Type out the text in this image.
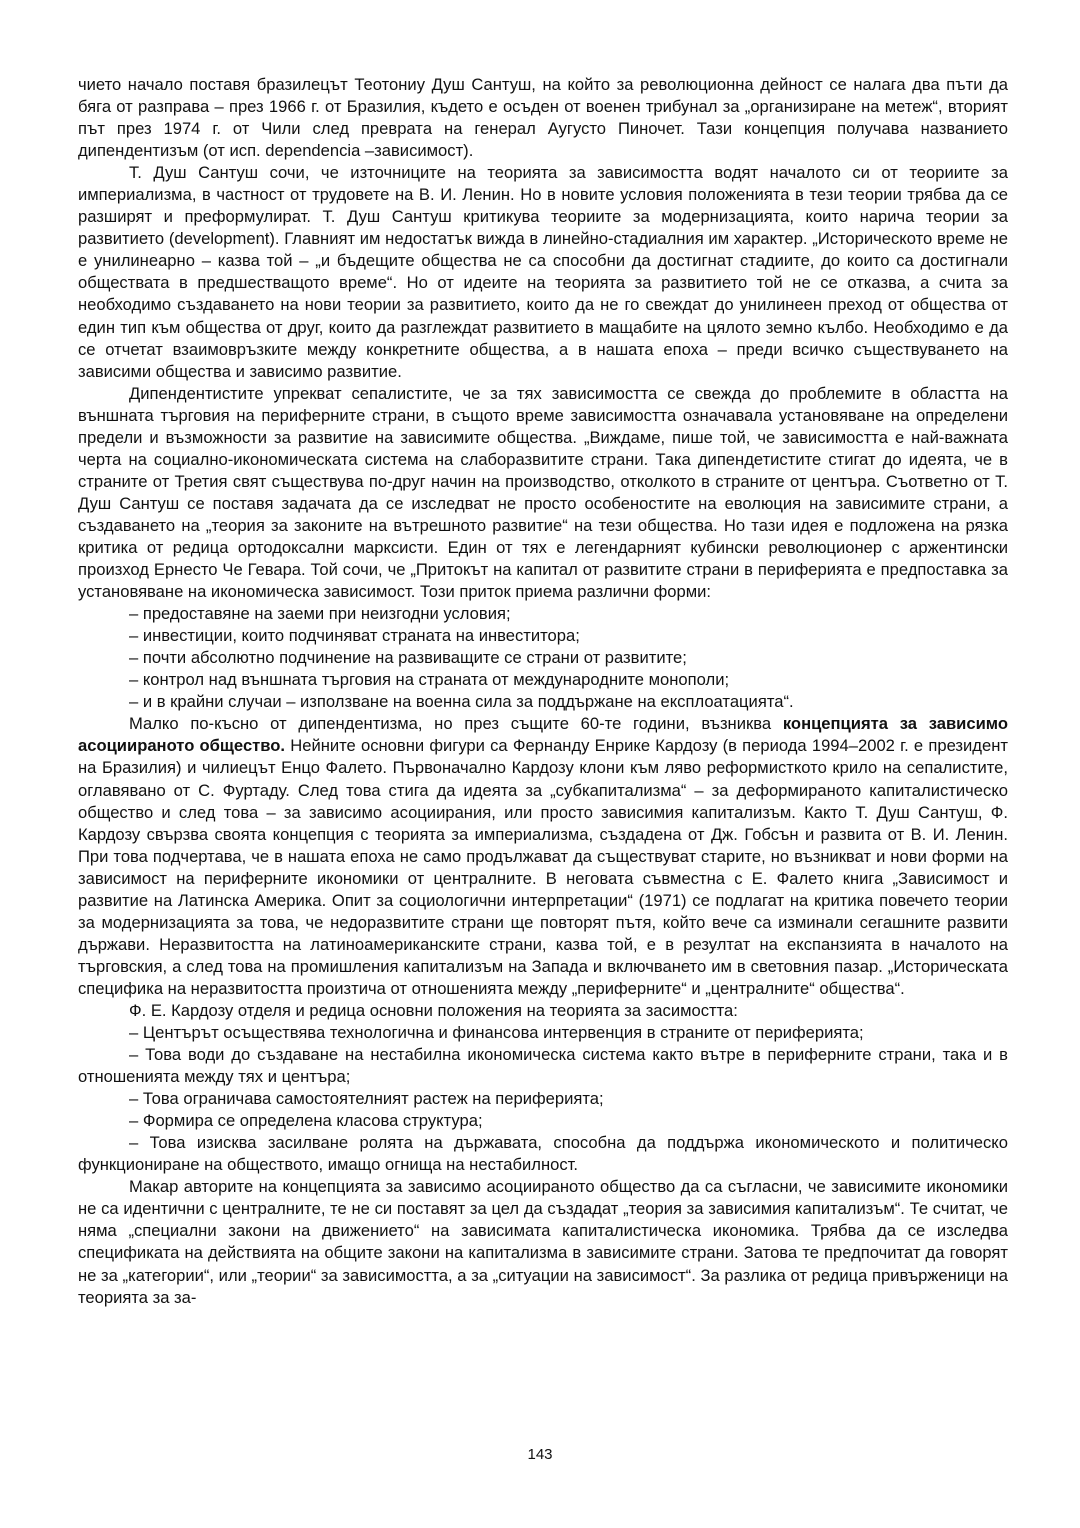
чието начало поставя бразилецът Теотониу Душ Сантуш, на който за революционна дейност се налага два пъти да бяга от разправа – през 1966 г. от Бразилия, където е осъден от военен трибунал за „организиране на метеж“, вторият път през 1974 г. от Чили след превратa на генерал Аугусто Пиночет. Тази концепция получава названието дипендентизъм (от исп. dependencia –зависимост).

Т. Душ Сантуш сочи, че източниците на теорията за зависимостта водят началото си от теориите за империализма, в частност от трудовете на В. И. Ленин. Но в новите условия положенията в тези теории трябва да се разширят и преформулират. Т. Душ Сантуш критикува теориите за модернизацията, които нарича теории за развитието (development). Главният им недостатък вижда в линейно-стадиалния им характер. „Историческото време не е унилинеарно – казва той – „и бъдещите общества не са способни да достигнат стадиите, до които са достигнали обществата в предшестващото време“. Но от идеите на теорията за развитието той не се отказва, а счита за необходимо създаването на нови теории за развитието, които да не го свеждат до унилинеен преход от общества от един тип към общества от друг, които да разглеждат развитието в мащабите на цялото земно кълбо. Необходимо е да се отчетат взаимовръзките между конкретните общества, а в нашата епоха – преди всичко съществуването на зависими общества и зависимо развитие.

Дипендентистите упрекват сепалистите, че за тях зависимостта се свежда до проблемите в областта на външната търговия на периферните страни, в същото време зависимостта означавала установяване на определени предели и възможности за развитие на зависимите общества. „Виждаме, пише той, че зависимостта е най-важната черта на социално-икономическата система на слаборазвитите страни. Така дипендетистите стигат до идеята, че в страните от Третия свят съществува по-друг начин на производство, отколкото в страните от центъра. Съответно от Т. Душ Сантуш се поставя задачата да се изследват не просто особеностите на еволюция на зависимите страни, а създаването на „теория за законите на вътрешното развитие“ на тези общества. Но тази идея е подложена на рязка критика от редица ортодоксални марксисти. Един от тях е легендарният кубински революционер с аржентински произход Ернесто Че Гевара. Той сочи, че „Притокът на капитал от развитите страни в периферията е предпоставка за установяване на икономическа зависимост. Този приток приема различни форми:

– предоставяне на заеми при неизгодни условия;

– инвестиции, които подчиняват страната на инвеститора;

– почти абсолютно подчинение на развиващите се страни от развитите;

– контрол над външната търговия на страната от международните монополи;

– и в крайни случаи – използване на военна сила за поддържане на експлоатацията“.

Малко по-късно от дипендентизма, но през същите 60-те години, възниква концепцията за зависимо асоциираното общество. Нейните основни фигури са Фернанду Енрике Кардозу (в периода 1994–2002 г. е президент на Бразилия) и чилиецът Енцо Фалето. Първоначално Кардозу клони към ляво реформисткото крило на сепалистите, оглавявано от С. Фуртаду. След това стига да идеята за „субкапитализма“ – за деформираното капиталистическо общество и след това – за зависимо асоциирания, или просто зависимия капитализъм. Както Т. Душ Сантуш, Ф. Кардозу свързва своята концепция с теорията за империализма, създадена от Дж. Гобсън и развита от В. И. Ленин. При това подчертава, че в нашата епоха не само продължават да съществуват старите, но възникват и нови форми на зависимост на периферните икономики от централните. В неговата съвместна с Е. Фалето книга „Зависимост и развитие на Латинска Америка. Опит за социологични интерпретации“ (1971) се подлагат на критика повечето теории за модернизацията за това, че недоразвитите страни ще повторят пътя, който вече са изминали сегашните развити държави. Неразвитостта на латиноамериканските страни, казва той, е в резултат на експанзията в началото на търговския, а след това на промишления капитализъм на Запада и включването им в световния пазар. „Историческата специфика на неразвитостта произтича от отношенията между „периферните“ и „централните“ общества“.

Ф. Е. Кардозу отделя и редица основни положения на теорията за засимостта:

– Центърът осъществява технологична и финансова интервенция в страните от периферията;

– Това води до създаване на нестабилна икономическа система както вътре в периферните страни, така и в отношенията между тях и центъра;

– Това ограничава самостоятелният растеж на периферията;

– Формира се определена класова структура;

– Това изисква засилване ролята на държавата, способна да поддържа икономическото и политическо функциониране на обществото, имащо огнища на нестабилност.

Макар авторите на концепцията за зависимо асоциираното общество да са съгласни, че зависимите икономики не са идентични с централните, те не си поставят за цел да създадат „теория за зависимия капитализъм“. Те считат, че няма „специални закони на движението“ на зависимата капиталистическа икономика. Трябва да се изследва спецификата на действията на общите закони на капитализма в зависимите страни. Затова те предпочитат да говорят не за „категории“, или „теории“ за зависимостта, а за „ситуации на зависимост“. За разлика от редица привърженици на теорията за за-

143
